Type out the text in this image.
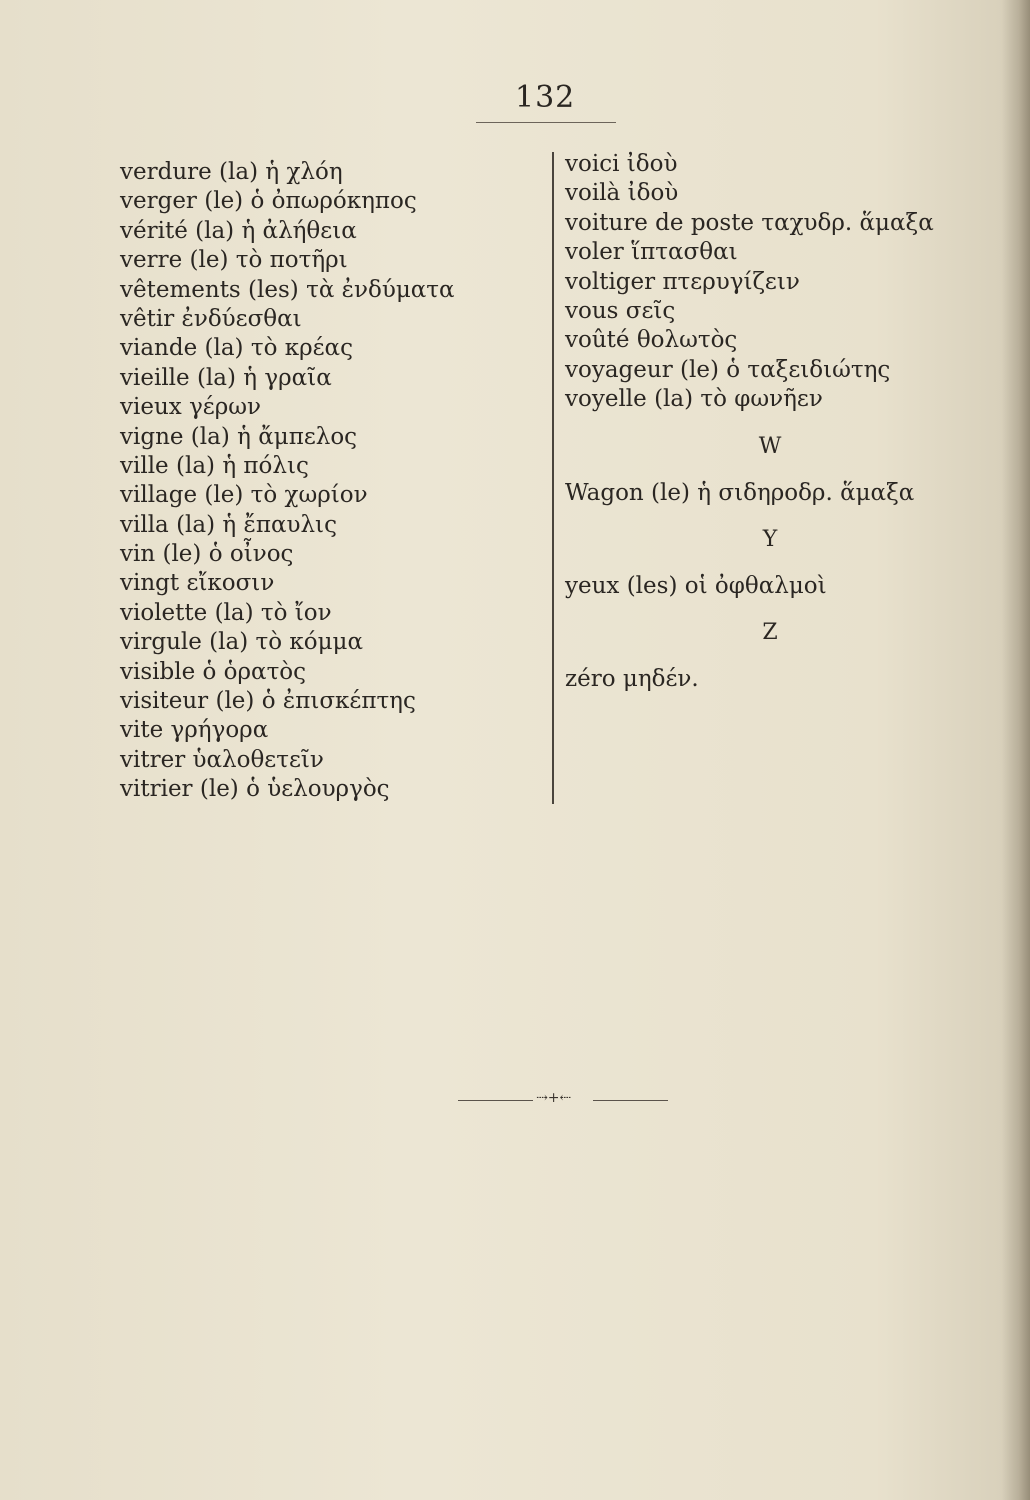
132
verdure (la) ἡ χλόη
verger (le) ὁ ὀπωρόκηπος
vérité (la) ἡ ἀλήθεια
verre (le) τὸ ποτῆρι
vêtements (les) τὰ ἐνδύματα
vêtir ἐνδύεσθαι
viande (la) τὸ κρέας
vieille (la) ἡ γραῖα
vieux γέρων
vigne (la) ἡ ἄμπελος
ville (la) ἡ πόλις
village (le) τὸ χωρίον
villa (la) ἡ ἔπαυλις
vin (le) ὁ οἶνος
vingt εἴκοσιν
violette (la) τὸ ἴον
virgule (la) τὸ κόμμα
visible ὁ ὁρατὸς
visiteur (le) ὁ ἐπισκέπτης
vite γρήγορα
vitrer ὑαλοθετεῖν
vitrier (le) ὁ ὑελουργὸς
voici ἰδοὺ
voilà ἰδοὺ
voiture de poste ταχυδρ. ἅμαξα
voler ἵπτασθαι
voltiger πτερυγίζειν
vous σεῖς
voûté θολωτὸς
voyageur (le) ὁ ταξειδιώτης
voyelle (la) τὸ φωνῆεν
W
Wagon (le) ἡ σιδηροδρ. ἅμαξα
Y
yeux (les) οἱ ὀφθαλμοὶ
Z
zéro μηδέν.
⇢+⇠
